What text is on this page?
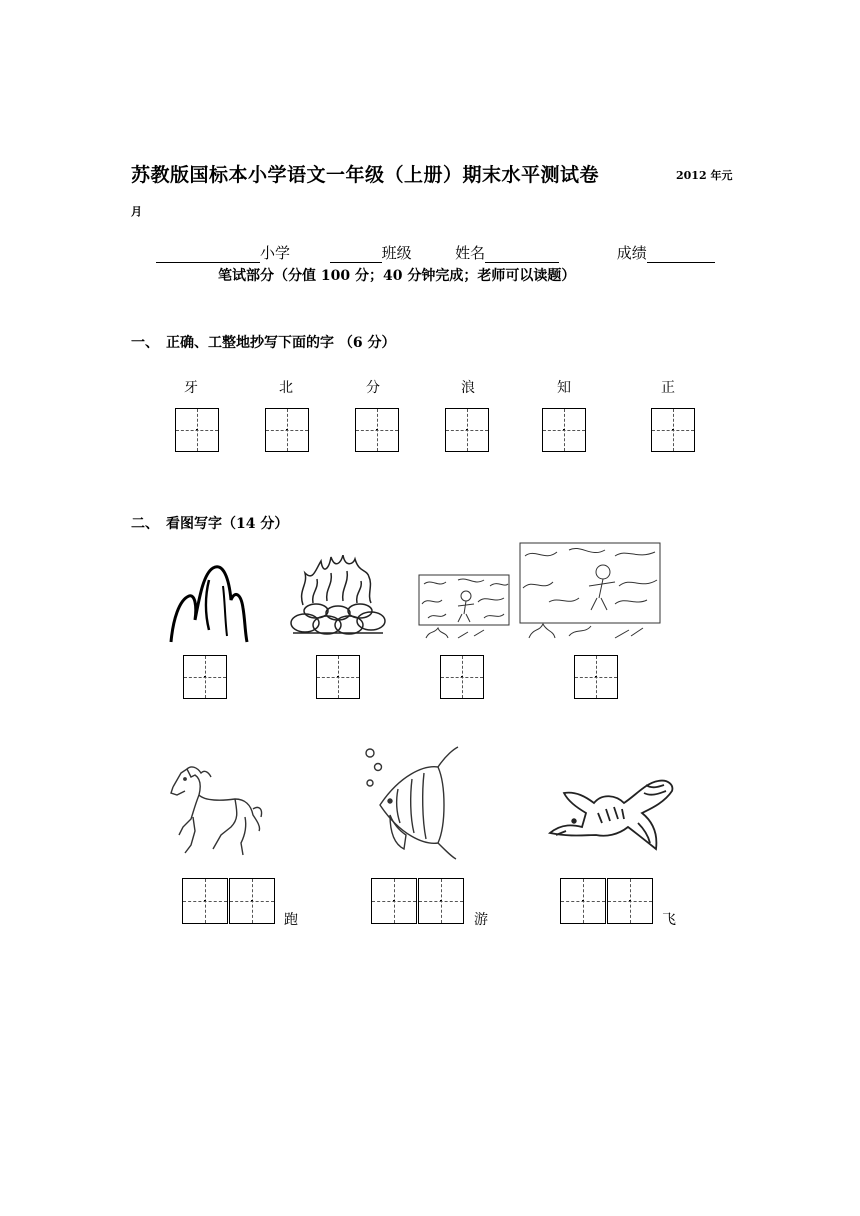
苏教版国标本小学语文一年级（上册）期末水平测试卷	2012 年元
月
小学	班级	姓名	成绩
笔试部分（分值 100 分；40 分钟完成；老师可以读题）
一、　正确、工整地抄写下面的字 （6 分）
牙	北	分	浪	知	正
二、　看图写字（14 分）
跑	游	飞
